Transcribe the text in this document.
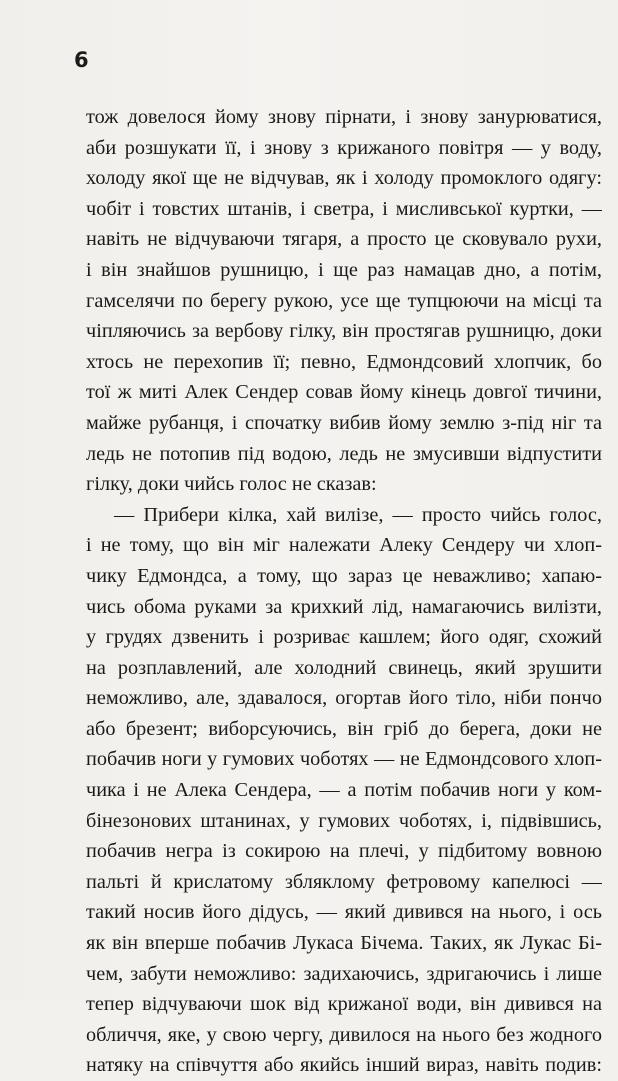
6
тож довелося йому знову пірнати, і знову занурюватися,
аби розшукати її, і знову з крижаного повітря — у воду,
холоду якої ще не відчував, як і холоду промоклого одягу:
чобіт і товстих штанів, і светра, і мисливської куртки, —
навіть не відчуваючи тягаря, а просто це сковувало рухи,
і він знайшов рушницю, і ще раз намацав дно, а потім,
гамселячи по берегу рукою, усе ще тупцюючи на місці та
чіпляючись за вербову гілку, він простягав рушницю, доки
хтось не перехопив її; певно, Едмондсовий хлопчик, бо
тої ж миті Алек Сендер совав йому кінець довгої тичини,
майже рубанця, і спочатку вибив йому землю з-під ніг та
ледь не потопив під водою, ледь не змусивши відпустити
гілку, доки чийсь голос не сказав:
— Прибери кілка, хай вилізе, — просто чийсь голос,
і не тому, що він міг належати Алеку Сендеру чи хлоп-
чику Едмондса, а тому, що зараз це неважливо; хапаю-
чись обома руками за крихкий лід, намагаючись вилізти,
у грудях дзвенить і розриває кашлем; його одяг, схожий
на розплавлений, але холодний свинець, який зрушити
неможливо, але, здавалося, огортав його тіло, ніби пончо
або брезент; виборсуючись, він гріб до берега, доки не
побачив ноги у гумових чоботях — не Едмондсового хлоп-
чика і не Алека Сендера, — а потім побачив ноги у ком-
бінезонових штанинах, у гумових чоботях, і, підвівшись,
побачив негра із сокирою на плечі, у підбитому вовною
пальті й крислатому збляклому фетровому капелюсі —
такий носив його дідусь, — який дивився на нього, і ось
як він вперше побачив Лукаса Бічема. Таких, як Лукас Бі-
чем, забути неможливо: задихаючись, здригаючись і лише
тепер відчуваючи шок від крижаної води, він дивився на
обличчя, яке, у свою чергу, дивилося на нього без жодного
натяку на співчуття або якийсь інший вираз, навіть подив:
